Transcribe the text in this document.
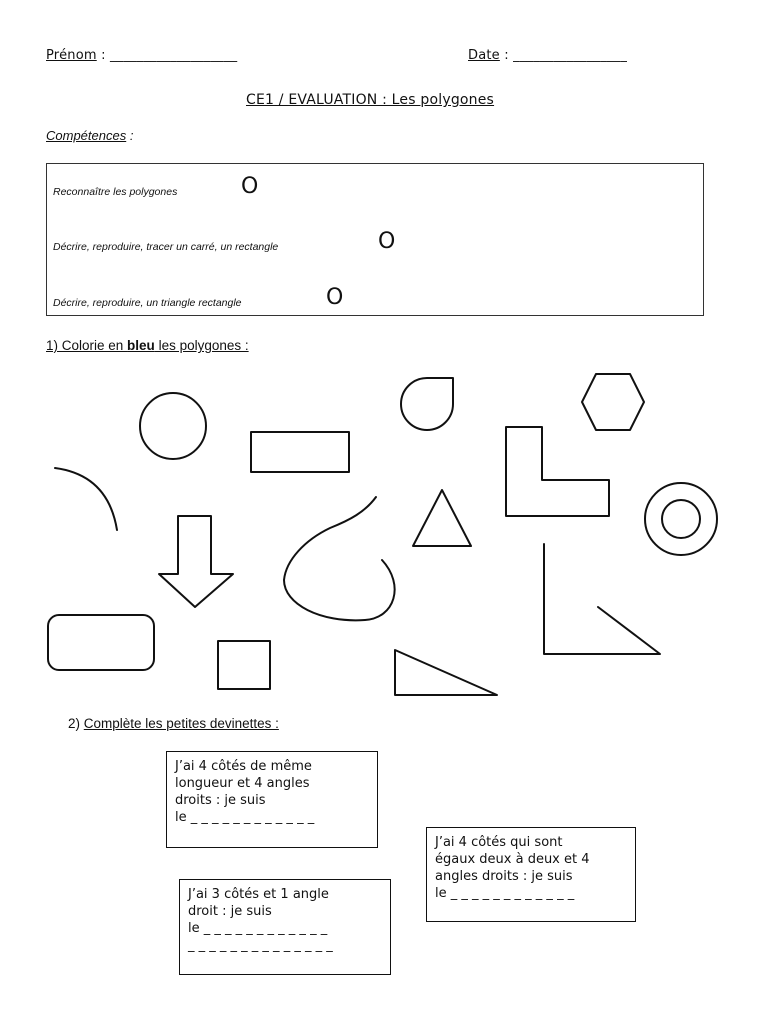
Prénom : ___________________	Date : _________________
CE1 / EVALUATION : Les polygones
Compétences :
Reconnaître les polygones	O
Décrire, reproduire, tracer un carré, un rectangle	O
Décrire, reproduire, un triangle rectangle	O
1) Colorie en bleu les polygones :
2) Complète les petites devinettes :
J’ai 4 côtés de même
longueur et 4 angles
droits : je suis
le _ _ _ _ _ _ _ _ _ _ _ _
J’ai 4 côtés qui sont
égaux deux à deux et 4
angles droits : je suis
le _ _ _ _ _ _ _ _ _ _ _ _
J’ai 3 côtés et 1 angle
droit : je suis
le _ _ _ _ _ _ _ _ _ _ _ _
_ _ _ _ _ _ _ _ _ _ _ _ _ _
